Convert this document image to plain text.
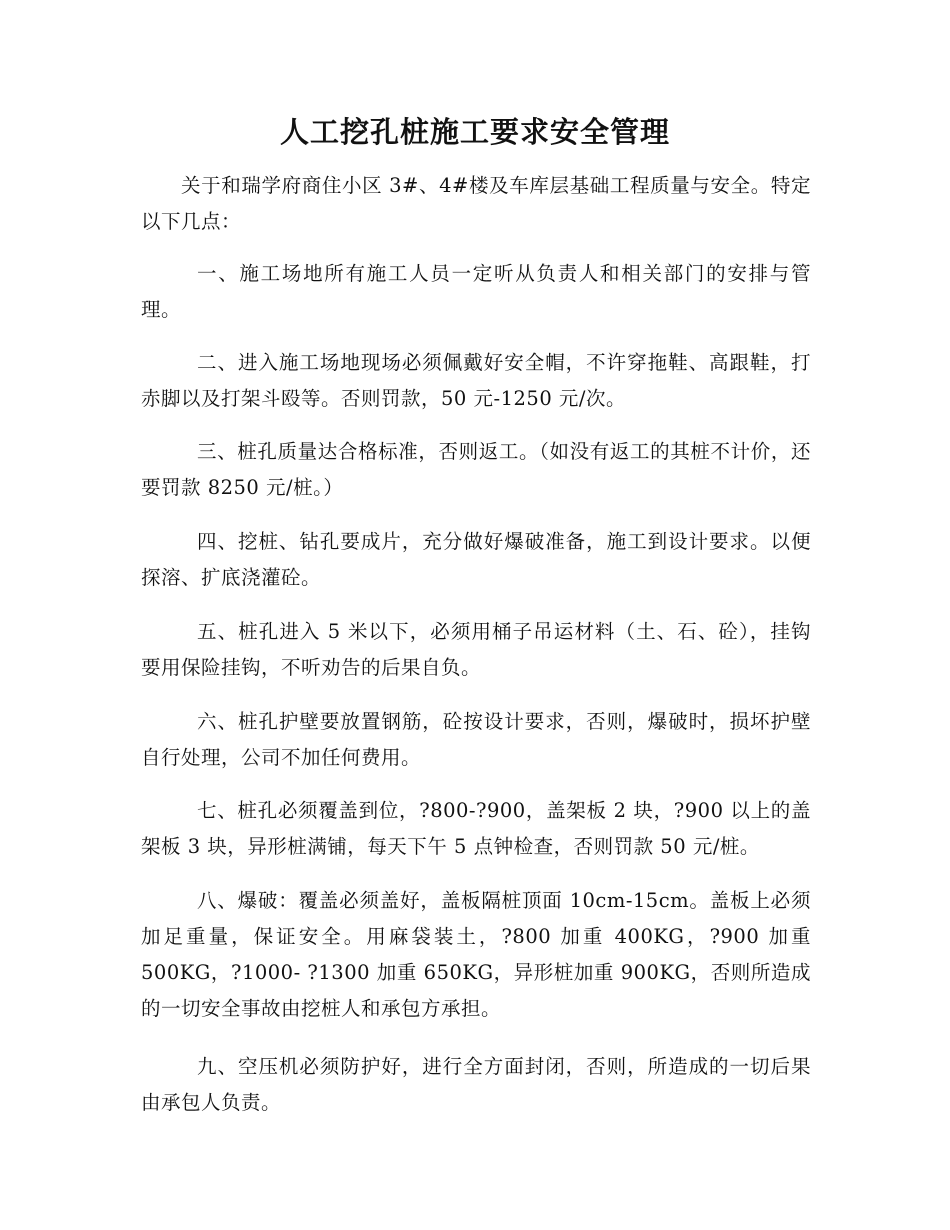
人工挖孔桩施工要求安全管理

关于和瑞学府商住小区 3#、4#楼及车库层基础工程质量与安全。特定以下几点：

一、施工场地所有施工人员一定听从负责人和相关部门的安排与管理。

二、进入施工场地现场必须佩戴好安全帽，不许穿拖鞋、高跟鞋，打赤脚以及打架斗殴等。否则罚款，50 元-1250 元/次。

三、桩孔质量达合格标准，否则返工。（如没有返工的其桩不计价，还要罚款 8250 元/桩。）

四、挖桩、钻孔要成片，充分做好爆破准备，施工到设计要求。以便探溶、扩底浇灌砼。

五、桩孔进入 5 米以下，必须用桶子吊运材料（土、石、砼），挂钩要用保险挂钩，不听劝告的后果自负。

六、桩孔护壁要放置钢筋，砼按设计要求，否则，爆破时，损坏护壁自行处理，公司不加任何费用。

七、桩孔必须覆盖到位，?800-?900，盖架板 2 块，?900 以上的盖架板 3 块，异形桩满铺，每天下午 5 点钟检查，否则罚款 50 元/桩。

八、爆破：覆盖必须盖好，盖板隔桩顶面 10cm-15cm。盖板上必须加足重量，保证安全。用麻袋装土，?800 加重 400KG，?900 加重 500KG，?1000- ?1300 加重 650KG，异形桩加重 900KG，否则所造成的一切安全事故由挖桩人和承包方承担。

九、空压机必须防护好，进行全方面封闭，否则，所造成的一切后果由承包人负责。
